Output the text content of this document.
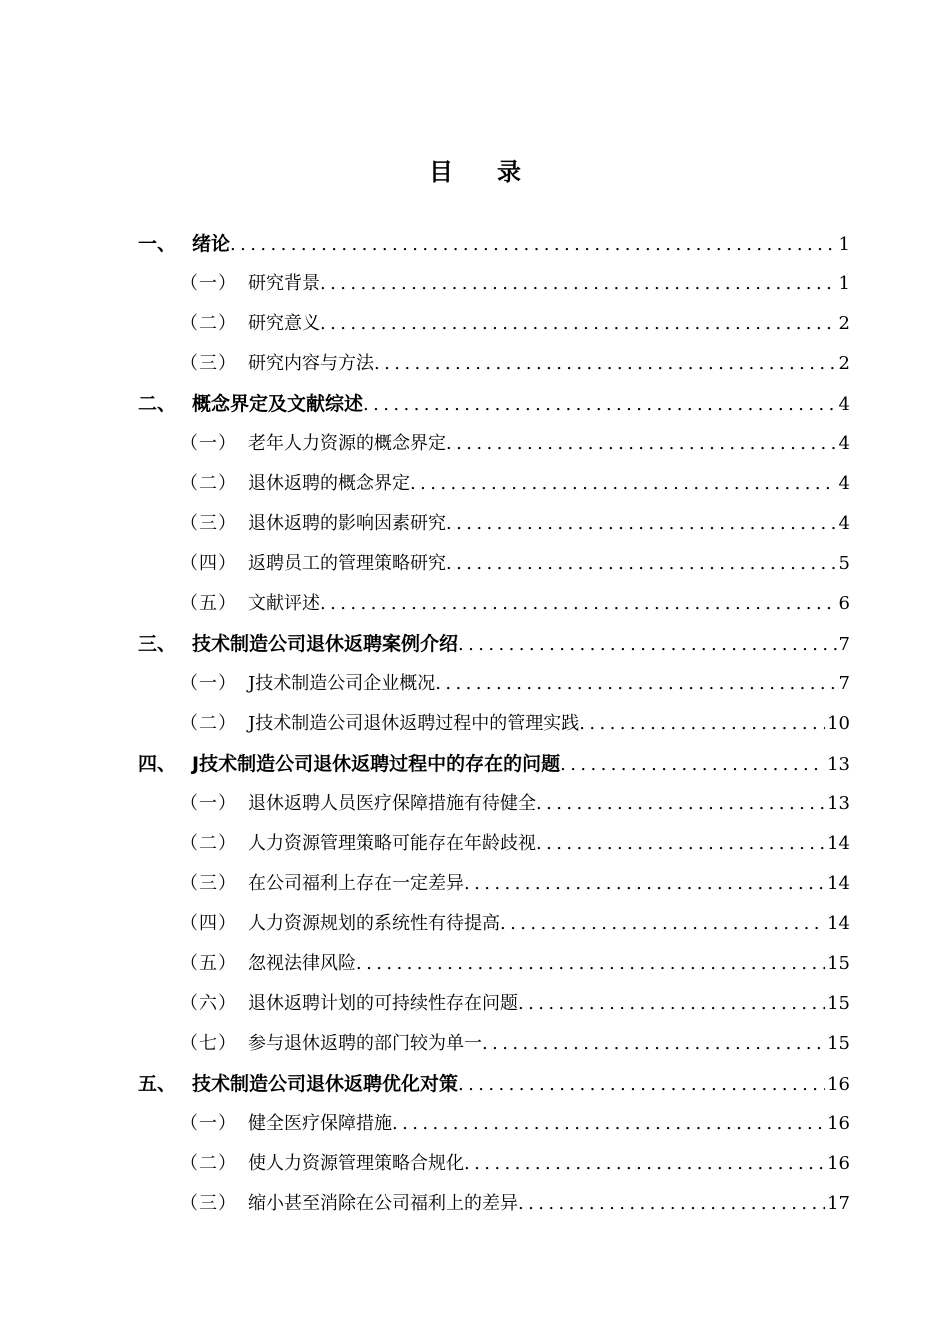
目 录
一、 绪论 .....	1
（一） 研究背景 .....	1
（二） 研究意义 .....	2
（三） 研究内容与方法 .....	2
二、 概念界定及文献综述 .....	4
（一） 老年人力资源的概念界定 .....	4
（二） 退休返聘的概念界定 .....	4
（三） 退休返聘的影响因素研究 .....	4
（四） 返聘员工的管理策略研究 .....	5
（五） 文献评述 .....	6
三、 技术制造公司退休返聘案例介绍 .....	7
（一） J技术制造公司企业概况 .....	7
（二） J技术制造公司退休返聘过程中的管理实践 .....	10
四、 J技术制造公司退休返聘过程中的存在的问题 .....	13
（一） 退休返聘人员医疗保障措施有待健全 .....	13
（二） 人力资源管理策略可能存在年龄歧视 .....	14
（三） 在公司福利上存在一定差异 .....	14
（四） 人力资源规划的系统性有待提高 .....	14
（五） 忽视法律风险 .....	15
（六） 退休返聘计划的可持续性存在问题 .....	15
（七） 参与退休返聘的部门较为单一 .....	15
五、 技术制造公司退休返聘优化对策 .....	16
（一） 健全医疗保障措施 .....	16
（二） 使人力资源管理策略合规化 .....	16
（三） 缩小甚至消除在公司福利上的差异 .....	17
